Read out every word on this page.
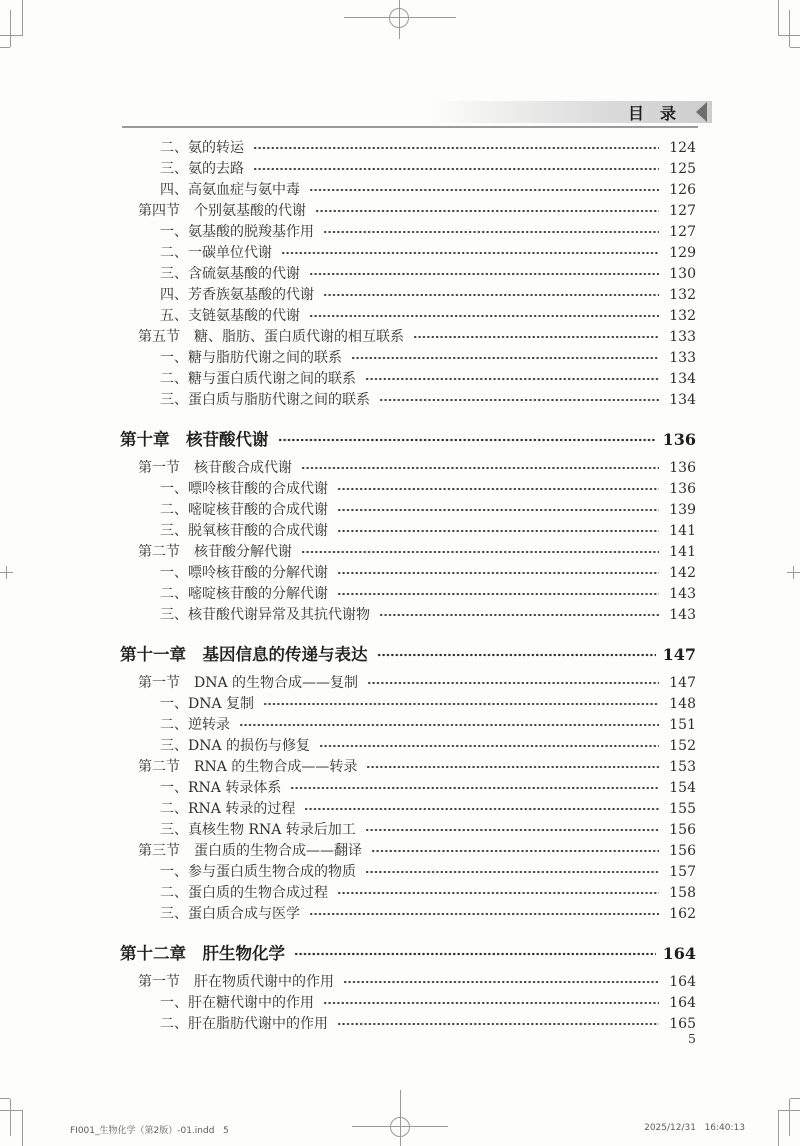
目　录
二、氨的转运	124
三、氨的去路	125
四、高氨血症与氨中毒	126
第四节　个别氨基酸的代谢	127
一、氨基酸的脱羧基作用	127
二、一碳单位代谢	129
三、含硫氨基酸的代谢	130
四、芳香族氨基酸的代谢	132
五、支链氨基酸的代谢	132
第五节　糖、脂肪、蛋白质代谢的相互联系	133
一、糖与脂肪代谢之间的联系	133
二、糖与蛋白质代谢之间的联系	134
三、蛋白质与脂肪代谢之间的联系	134
第十章　核苷酸代谢	136
第一节　核苷酸合成代谢	136
一、嘌呤核苷酸的合成代谢	136
二、嘧啶核苷酸的合成代谢	139
三、脱氧核苷酸的合成代谢	141
第二节　核苷酸分解代谢	141
一、嘌呤核苷酸的分解代谢	142
二、嘧啶核苷酸的分解代谢	143
三、核苷酸代谢异常及其抗代谢物	143
第十一章　基因信息的传递与表达	147
第一节　DNA 的生物合成——复制	147
一、DNA 复制	148
二、逆转录	151
三、DNA 的损伤与修复	152
第二节　RNA 的生物合成——转录	153
一、RNA 转录体系	154
二、RNA 转录的过程	155
三、真核生物 RNA 转录后加工	156
第三节　蛋白质的生物合成——翻译	156
一、参与蛋白质生物合成的物质	157
二、蛋白质的生物合成过程	158
三、蛋白质合成与医学	162
第十二章　肝生物化学	164
第一节　肝在物质代谢中的作用	164
一、肝在糖代谢中的作用	164
二、肝在脂肪代谢中的作用	165
5
FI001_生物化学（第2版）-01.indd   5	2025/12/31   16:40:13
